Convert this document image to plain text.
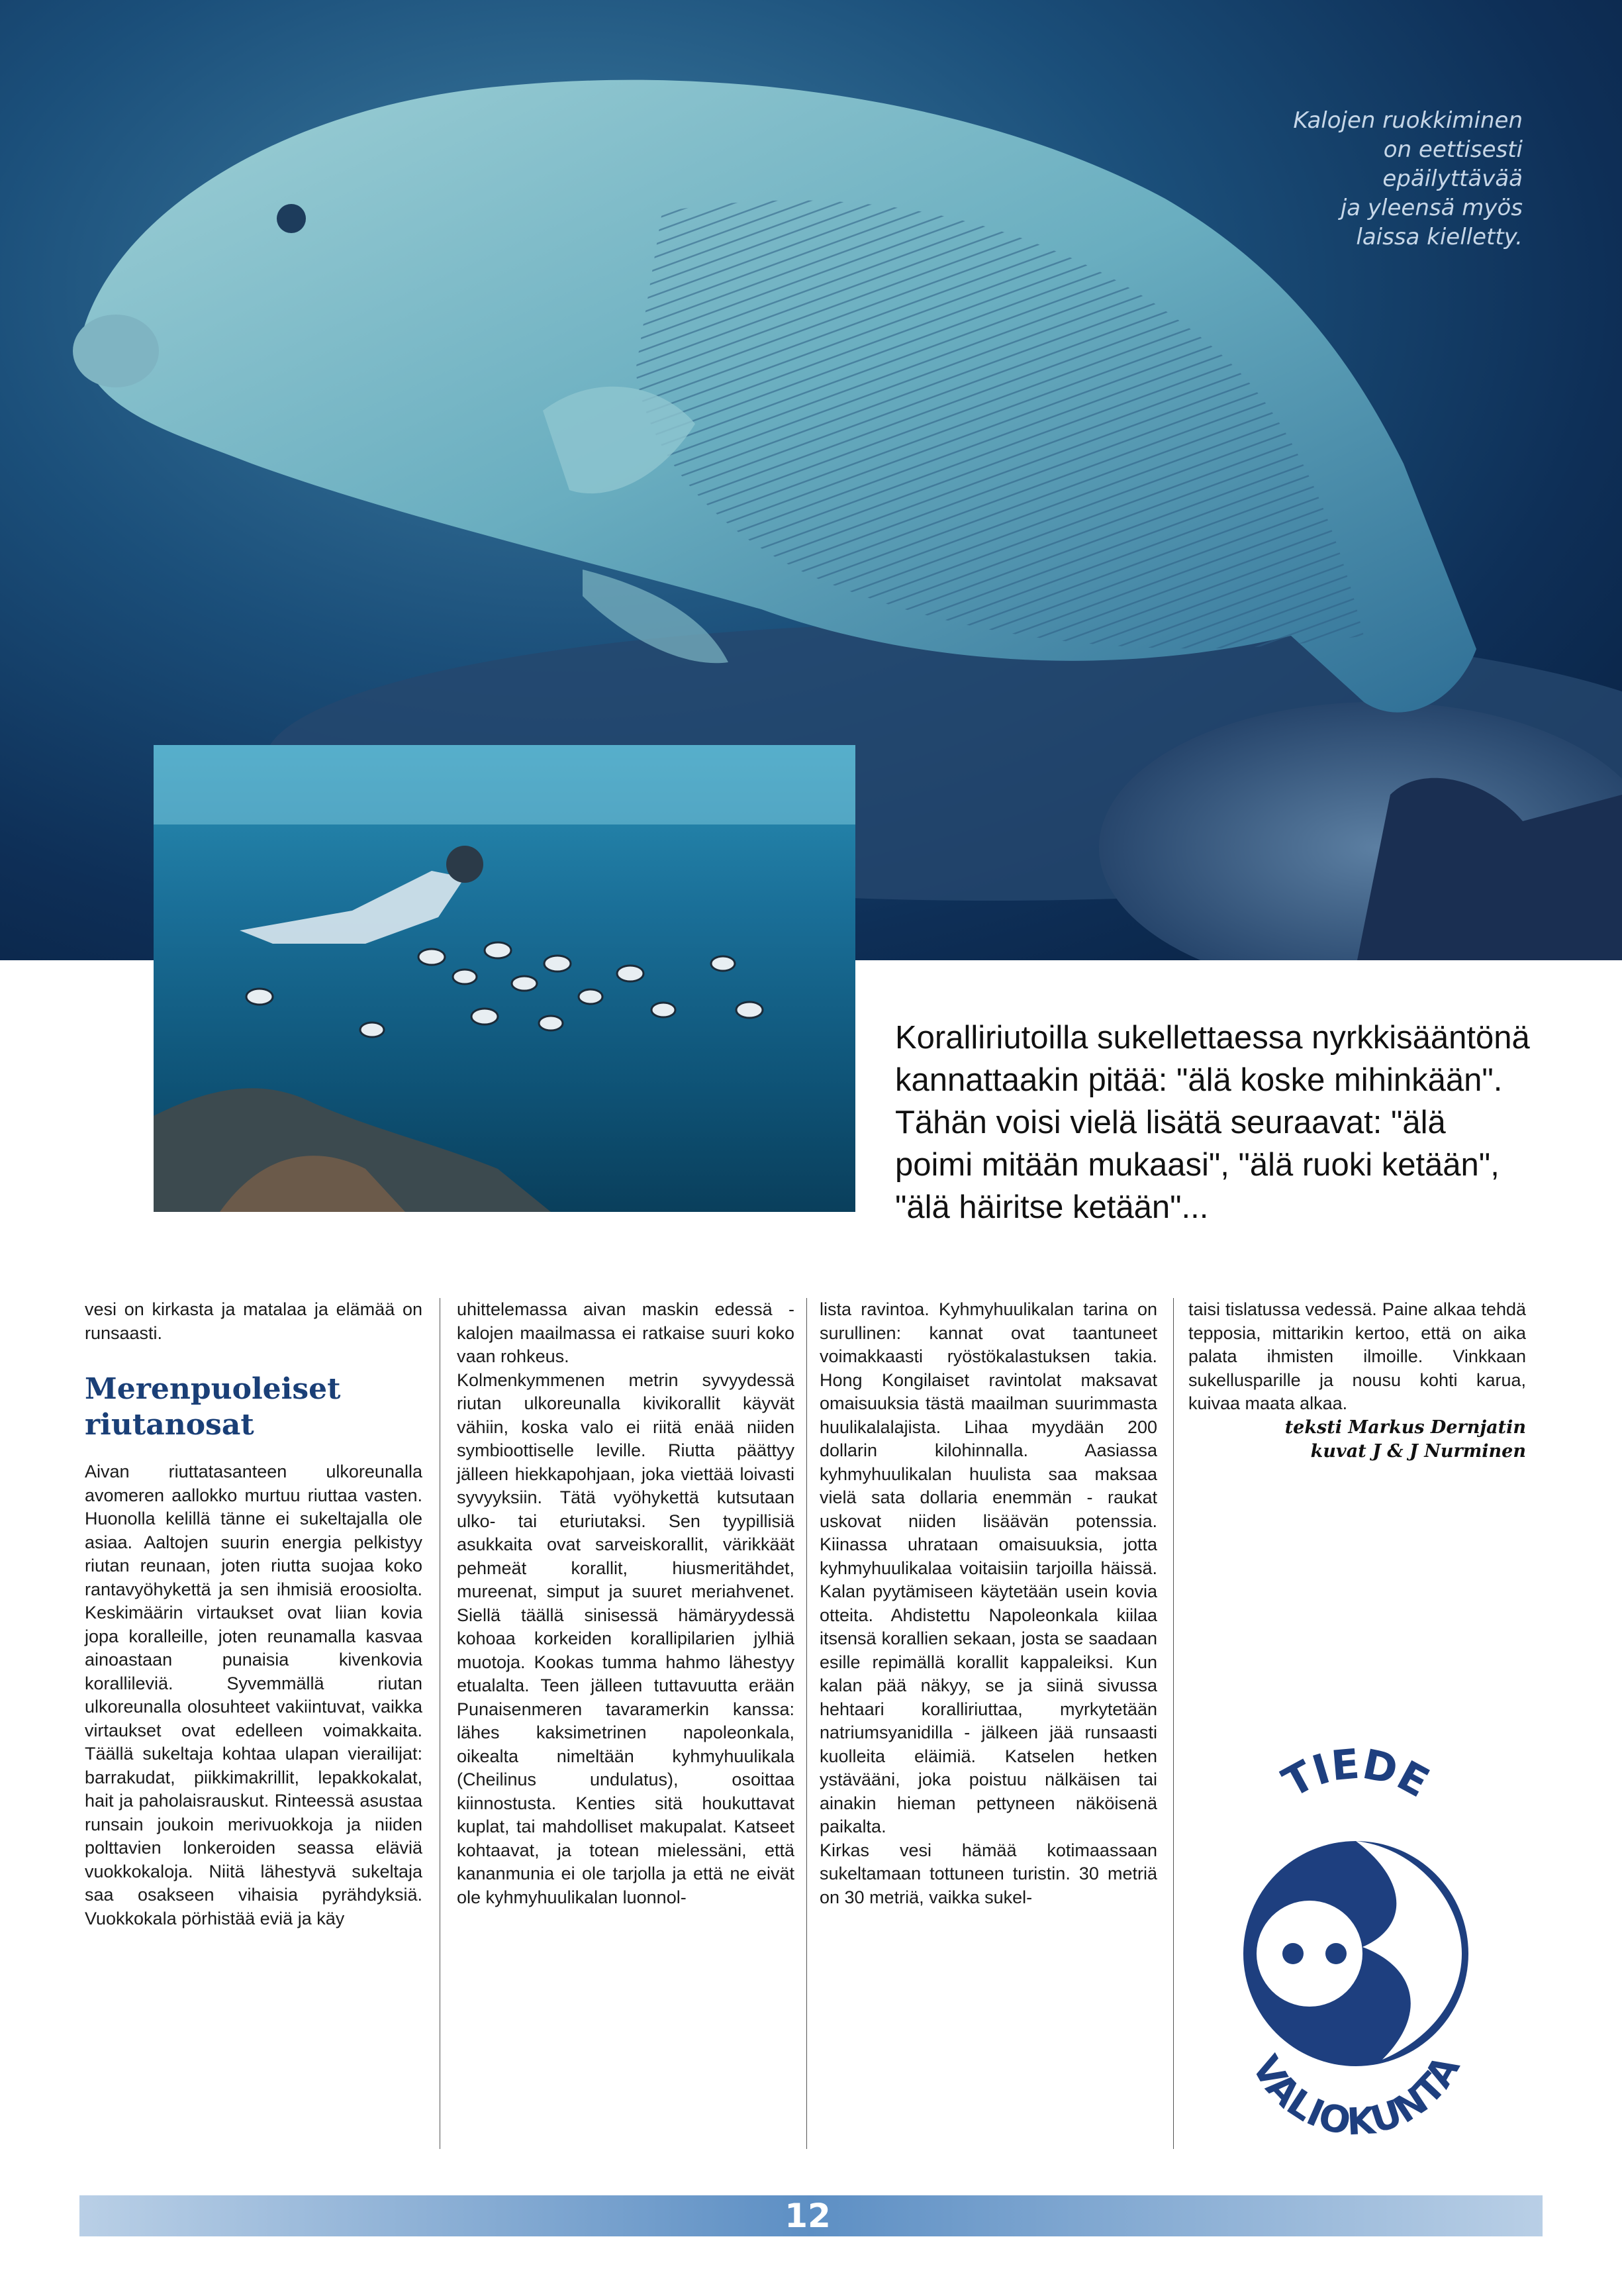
Kalojen ruokkiminen
on eettisesti
epäilyttävää
ja yleensä myös
laissa kielletty.
Koralliriutoilla sukellettaessa nyrkkisääntönä kannattaakin pitää: "älä koske mihinkään". Tähän voisi vielä lisätä seuraavat: "älä poimi mitään mukaasi", "älä ruoki ketään", "älä häiritse ketään"...

vesi on kirkasta ja matalaa ja elämää on runsaasti.

Merenpuoleiset riutanosat

Aivan riuttatasanteen ulkoreunalla avomeren aallokko murtuu riuttaa vasten. Huonolla kelillä tänne ei sukeltajalla ole asiaa. Aaltojen suurin energia pelkistyy riutan reunaan, joten riutta suojaa koko rantavyöhykettä ja sen ihmisiä eroosiolta. Keskimäärin virtaukset ovat liian kovia jopa koralleille, joten reunamalla kasvaa ainoastaan punaisia kivenkovia korallileviä. Syvemmällä riutan ulkoreunalla olosuhteet vakiintuvat, vaikka virtaukset ovat edelleen voimakkaita. Täällä sukeltaja kohtaa ulapan vierailijat: barrakudat, piikkimakrillit, lepakkokalat, hait ja paholaisrauskut. Rinteessä asustaa runsain joukoin merivuokkoja ja niiden polttavien lonkeroiden seassa eläviä vuokkokaloja. Niitä lähestyvä sukeltaja saa osakseen vihaisia pyrähdyksiä. Vuokkokala pörhistää eviä ja käy

uhittelemassa aivan maskin edessä - kalojen maailmassa ei ratkaise suuri koko vaan rohkeus.

Kolmenkymmenen metrin syvyydessä riutan ulkoreunalla kivikorallit käyvät vähiin, koska valo ei riitä enää niiden symbioottiselle leville. Riutta päättyy jälleen hiekkapohjaan, joka viettää loivasti syvyyksiin. Tätä vyöhykettä kutsutaan ulko- tai eturiutaksi. Sen tyypillisiä asukkaita ovat sarveiskorallit, värikkäät pehmeät korallit, hiusmeritähdet, mureenat, simput ja suuret meriahvenet. Siellä täällä sinisessä hämäryydessä kohoaa korkeiden korallipilarien jylhiä muotoja. Kookas tumma hahmo lähestyy etualalta. Teen jälleen tuttavuutta erään Punaisenmeren tavaramerkin kanssa: lähes kaksimetrinen napoleonkala, oikealta nimeltään kyhmyhuulikala (Cheilinus undulatus), osoittaa kiinnostusta. Kenties sitä houkuttavat kuplat, tai mahdolliset makupalat. Katseet kohtaavat, ja totean mielessäni, että kananmunia ei ole tarjolla ja että ne eivät ole kyhmyhuulikalan luonnol-

lista ravintoa. Kyhmyhuulikalan tarina on surullinen: kannat ovat taantuneet voimakkaasti ryöstökalastuksen takia. Hong Kongilaiset ravintolat maksavat omaisuuksia tästä maailman suurimmasta huulikalalajista. Lihaa myydään 200 dollarin kilohinnalla. Aasiassa kyhmyhuulikalan huulista saa maksaa vielä sata dollaria enemmän - raukat uskovat niiden lisäävän potenssia. Kiinassa uhrataan omaisuuksia, jotta kyhmyhuulikalaa voitaisiin tarjoilla häissä. Kalan pyytämiseen käytetään usein kovia otteita. Ahdistettu Napoleonkala kiilaa itsensä korallien sekaan, josta se saadaan esille repimällä korallit kappaleiksi. Kun kalan pää näkyy, se ja siinä sivussa hehtaari koralliriuttaa, myrkytetään natriumsyanidilla - jälkeen jää runsaasti kuolleita eläimiä. Katselen hetken ystävääni, joka poistuu nälkäisen tai ainakin hieman pettyneen näköisenä paikalta.

Kirkas vesi hämää kotimaassaan sukeltamaan tottuneen turistin. 30 metriä on 30 metriä, vaikka sukel-

taisi tislatussa vedessä. Paine alkaa tehdä tepposia, mittarikin kertoo, että on aika palata ihmisten ilmoille. Vinkkaan sukellusparille ja nousu kohti karua, kuivaa maata alkaa.

teksti Markus Dernjatin
kuvat J & J Nurminen
TIEDE
VALIOKUNTA
12
